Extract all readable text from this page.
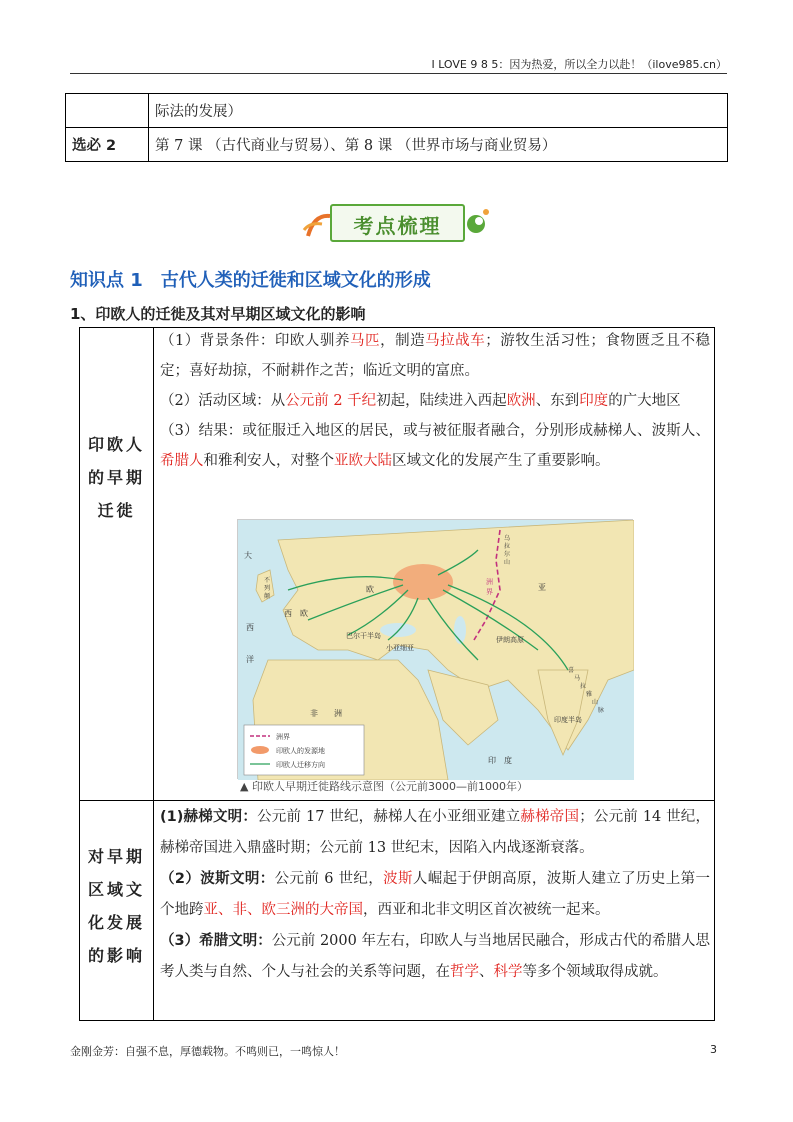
I LOVE 9 8 5：因为热爱，所以全力以赴！（ilove985.cn）
	际法的发展）
选必 2	第 7 课 （古代商业与贸易）、第 8 课 （世界市场与商业贸易）
考点梳理
知识点 1　古代人类的迁徙和区域文化的形成
1、印欧人的迁徙及其对早期区域文化的影响
印欧人
的早期
迁徙

（1）背景条件：印欧人驯养马匹，制造马拉战车；游牧生活习性；食物匮乏且不稳定；喜好劫掠，不耐耕作之苦；临近文明的富庶。

（2）活动区域：从公元前 2 千纪初起，陆续进入西起欧洲、东到印度的广大地区

（3）结果：或征服迁入地区的居民，或与被征服者融合，分别形成赫梯人、波斯人、希腊人和雅利安人，对整个亚欧大陆区域文化的发展产生了重要影响。

洲界
印欧人的发源地
印欧人迁移方向
大
西
洋
不
列
颠
西　欧
欧
巴尔干半岛
小亚细亚
伊朗高原
非　　洲
印度半岛
印　度
喜
马
拉
雅
山
脉
乌
拉
尔
山
洲
界	亚
▲ 印欧人早期迁徙路线示意图（公元前3000—前1000年）
对早期
区域文
化发展
的影响

(1)赫梯文明：公元前 17 世纪，赫梯人在小亚细亚建立赫梯帝国；公元前 14 世纪，赫梯帝国进入鼎盛时期；公元前 13 世纪末，因陷入内战逐渐衰落。

（2）波斯文明：公元前 6 世纪，波斯人崛起于伊朗高原，波斯人建立了历史上第一个地跨亚、非、欧三洲的大帝国，西亚和北非文明区首次被统一起来。

（3）希腊文明：公元前 2000 年左右，印欧人与当地居民融合，形成古代的希腊人思考人类与自然、个人与社会的关系等问题，在哲学、科学等多个领域取得成就。

金刚金芳：自强不息，厚德载物。不鸣则已，一鸣惊人！	3
